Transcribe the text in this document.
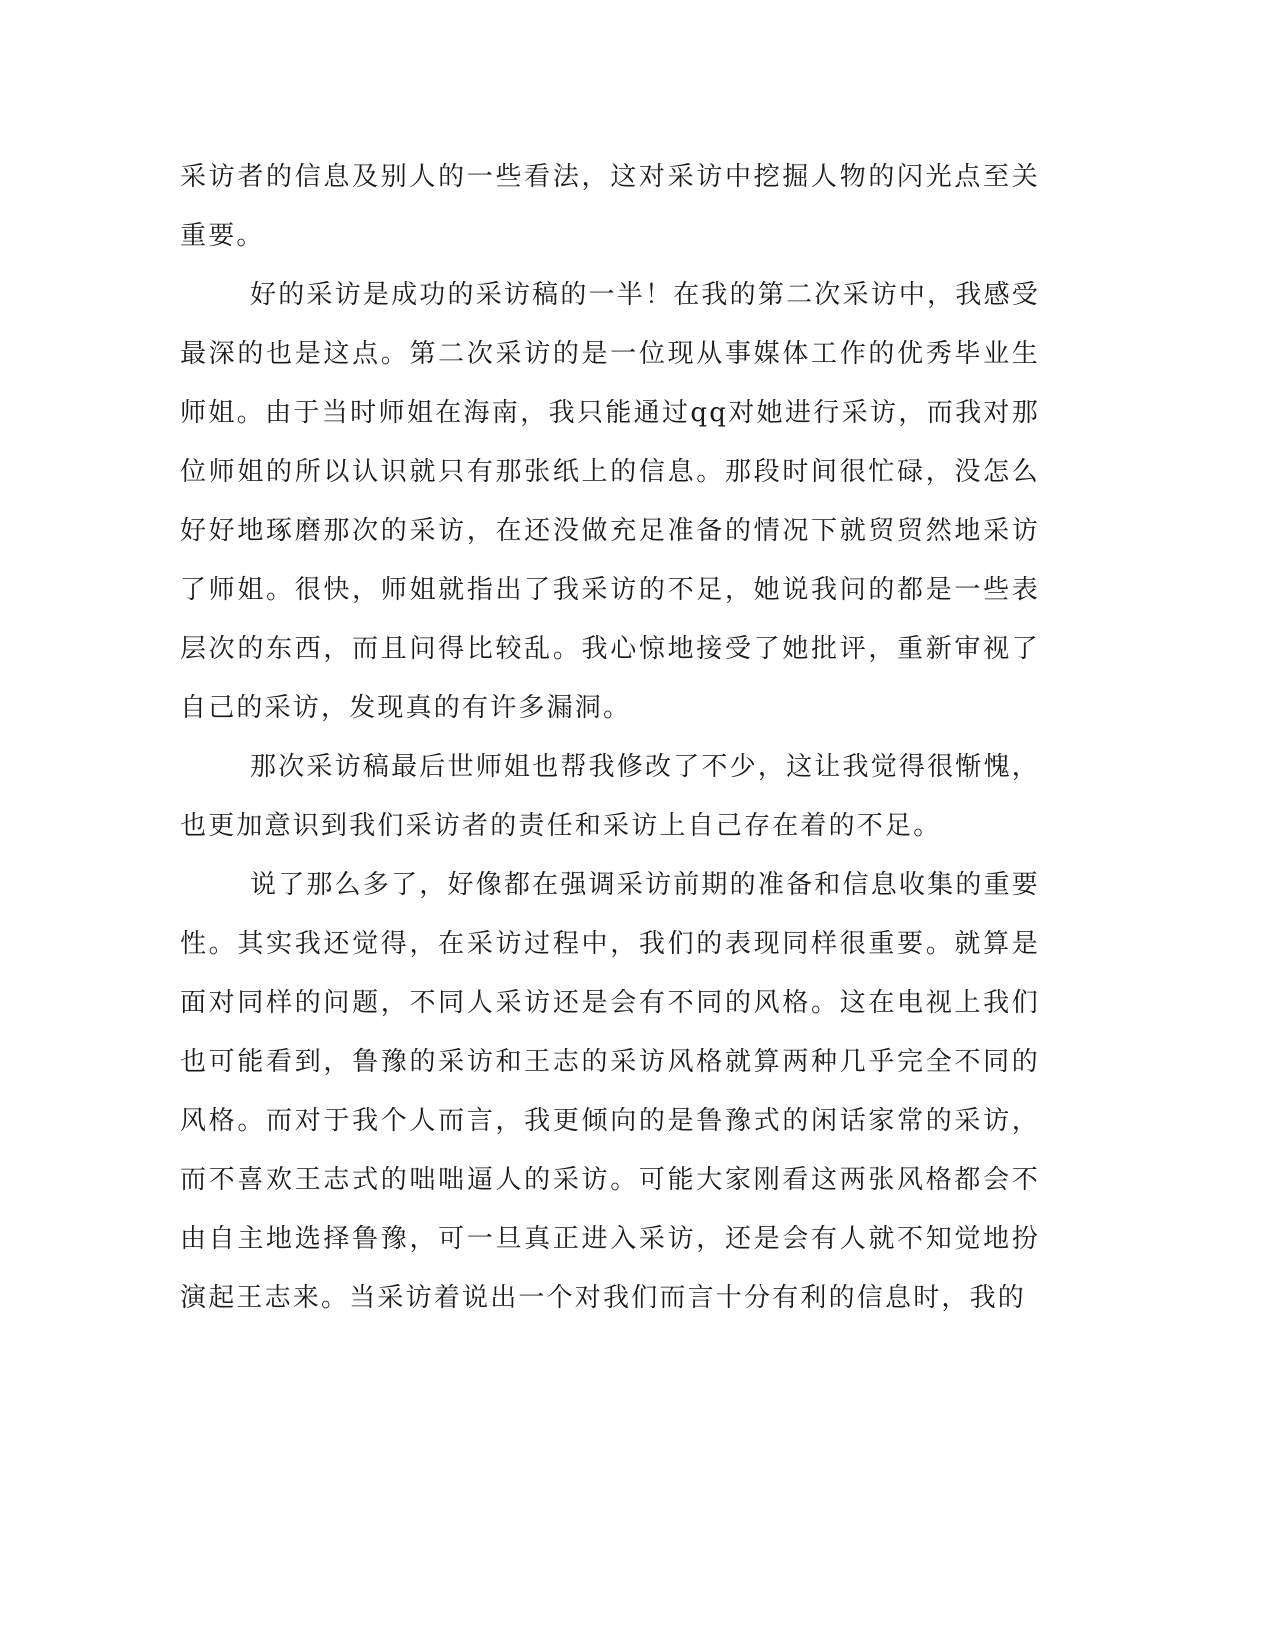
采访者的信息及别人的一些看法，这对采访中挖掘人物的闪光点至关重要。

好的采访是成功的采访稿的一半！在我的第二次采访中，我感受最深的也是这点。第二次采访的是一位现从事媒体工作的优秀毕业生师姐。由于当时师姐在海南，我只能通过qq对她进行采访，而我对那位师姐的所以认识就只有那张纸上的信息。那段时间很忙碌，没怎么好好地琢磨那次的采访，在还没做充足准备的情况下就贸贸然地采访了师姐。很快，师姐就指出了我采访的不足，她说我问的都是一些表层次的东西，而且问得比较乱。我心惊地接受了她批评，重新审视了自己的采访，发现真的有许多漏洞。

那次采访稿最后世师姐也帮我修改了不少，这让我觉得很惭愧，也更加意识到我们采访者的责任和采访上自己存在着的不足。

说了那么多了，好像都在强调采访前期的准备和信息收集的重要性。其实我还觉得，在采访过程中，我们的表现同样很重要。就算是面对同样的问题，不同人采访还是会有不同的风格。这在电视上我们也可能看到，鲁豫的采访和王志的采访风格就算两种几乎完全不同的风格。而对于我个人而言，我更倾向的是鲁豫式的闲话家常的采访，而不喜欢王志式的咄咄逼人的采访。可能大家刚看这两张风格都会不由自主地选择鲁豫，可一旦真正进入采访，还是会有人就不知觉地扮演起王志来。当采访着说出一个对我们而言十分有利的信息时，我的
